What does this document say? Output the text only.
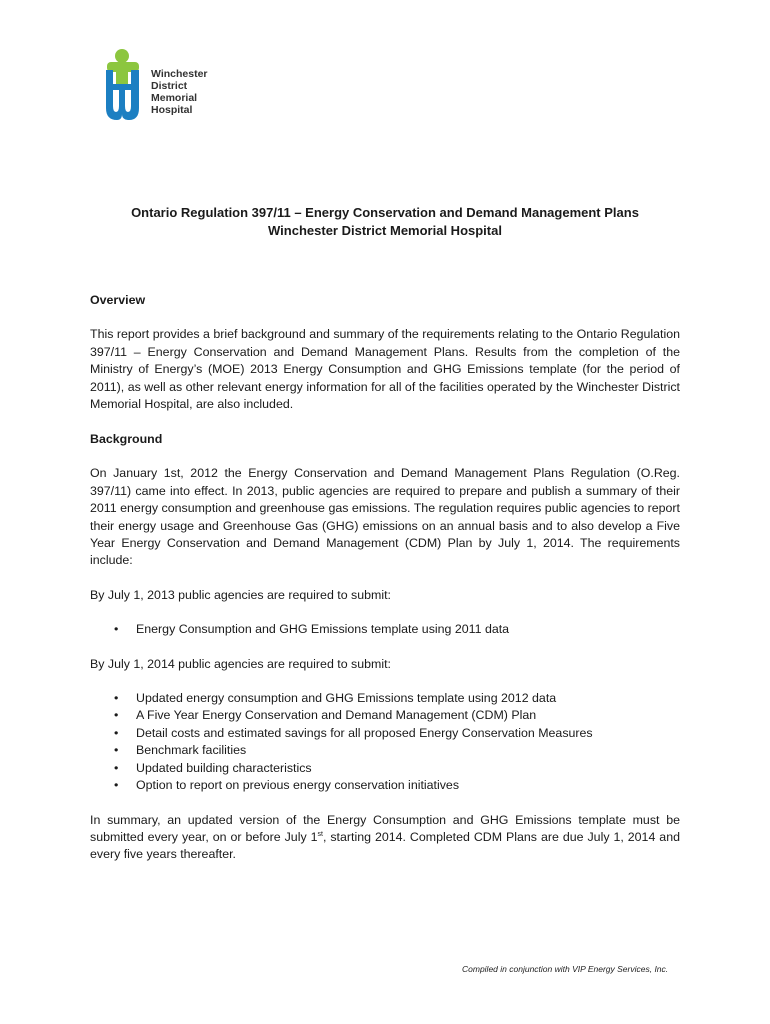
Winchester
District
Memorial
Hospital
Ontario Regulation 397/11 – Energy Conservation and Demand Management Plans
Winchester District Memorial Hospital

Overview

This report provides a brief background and summary of the requirements relating to the Ontario Regulation 397/11 – Energy Conservation and Demand Management Plans. Results from the completion of the Ministry of Energy’s (MOE) 2013 Energy Consumption and GHG Emissions template (for the period of 2011), as well as other relevant energy information for all of the facilities operated by the Winchester District Memorial Hospital, are also included.

Background

On January 1st, 2012 the Energy Conservation and Demand Management Plans Regulation (O.Reg. 397/11) came into effect. In 2013, public agencies are required to prepare and publish a summary of their 2011 energy consumption and greenhouse gas emissions. The regulation requires public agencies to report their energy usage and Greenhouse Gas (GHG) emissions on an annual basis and to also develop a Five Year Energy Conservation and Demand Management (CDM) Plan by July 1, 2014. The requirements include:

By July 1, 2013 public agencies are required to submit:

• Energy Consumption and GHG Emissions template using 2011 data

By July 1, 2014 public agencies are required to submit:

• Updated energy consumption and GHG Emissions template using 2012 data
• A Five Year Energy Conservation and Demand Management (CDM) Plan
• Detail costs and estimated savings for all proposed Energy Conservation Measures
• Benchmark facilities
• Updated building characteristics
• Option to report on previous energy conservation initiatives

In summary, an updated version of the Energy Consumption and GHG Emissions template must be submitted every year, on or before July 1st, starting 2014. Completed CDM Plans are due July 1, 2014 and every five years thereafter.

Compiled in conjunction with VIP Energy Services, Inc.
